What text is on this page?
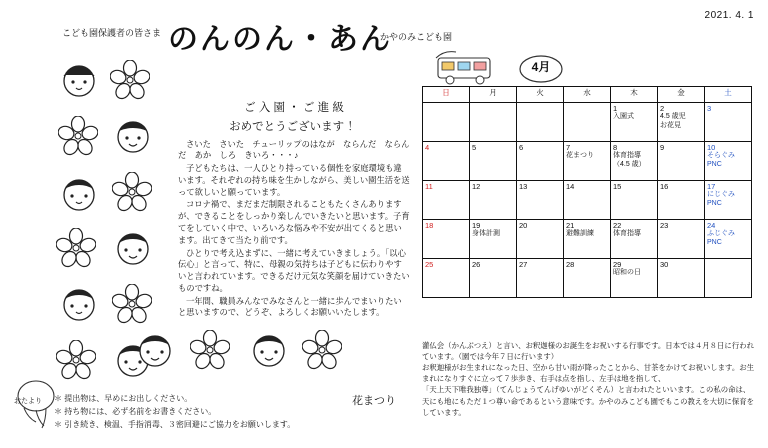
2021. 4. 1
こども園保護者の皆さま のんのん・あん
かやのみこども園
ご 入 園 ・ ご 進 級
おめでとうございます ！

さいた　さいた　チューリップのはなが　ならんだ　ならんだ　あか　しろ　きいろ・・・♪

子どもたちは、一人ひとり持っている個性を家庭環境も違います。それぞれの持ち味を生かしながら、美しい園生活を送って欲しいと願っています。

コロナ禍で、まだまだ制限されることもたくさんありますが、できることをしっかり楽しんでいきたいと思います。子育てをしていく中で、いろいろな悩みや不安が出てくると思います。出てきて当たり前です。

ひとりで考え込まずに、一緒に考えていきましょう。「以心伝心」と言って、特に、母親の気持ちは子どもに伝わりやすいと言われています。できるだけ元気な笑顔を届けていきたいものですね。

一年間、職員みんなでみなさんと一緒に歩んでまいりたいと思いますので、どうぞ、よろしくお願いいたします。

花まつり
おたより ＊ 提出物は、早めにお出しください。
＊ 持ち物には、必ず名前をお書きください。
＊ 引き続き、検温、手指消毒、３密回避にご協力をお願いします。
4月
日	月	火	水	木	金	土

				1
入園式	2
4.5 歳児
お花見	3

4	5	6	7
花まつり	8
体育指導
（4.5 歳）	9	10
そらぐみ
PNC

11	12	13	14	15	16	17
にじぐみ
PNC

18	19
身体計測	20	21
避難訓練	22
体育指導	23	24
ふじぐみ
PNC

25	26	27	28	29
昭和の日	30	

灌仏会（かんぶつえ）と言い、お釈迦様のお誕生をお祝いする行事です。日本では４月８日に行われています。（園では今年７日に行います）

お釈迦様がお生まれになった日、空から甘い雨が降ったことから、甘茶をかけてお祝いします。お生まれになりすぐに立って７歩歩き、右手は点を指し、左手は地を指して、

「天上天下唯我独尊」（てんじょうてんげゆいがどくそん）と言われたといいます。この私の命は、天にも地にもただ１つ尊い命であるという意味です。かやのみこども園でもこの教えを大切に保育をしています。
